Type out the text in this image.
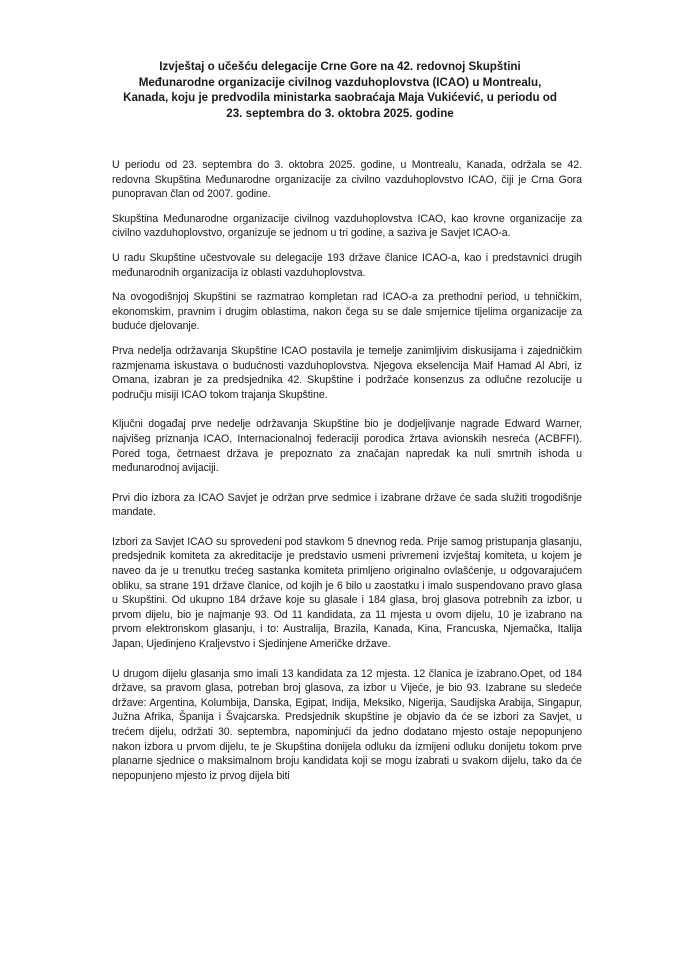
Izvještaj o učešću delegacije Crne Gore na 42. redovnoj Skupštini Međunarodne organizacije civilnog vazduhoplovstva (ICAO) u Montrealu, Kanada, koju je predvodila ministarka saobraćaja Maja Vukićević, u periodu od 23. septembra do 3. oktobra 2025. godine

U periodu od 23. septembra do 3. oktobra 2025. godine, u Montrealu, Kanada, održala se 42. redovna Skupština Međunarodne organizacije za civilno vazduhoplovstvo ICAO, čiji je Crna Gora punopravan član od 2007. godine.

Skupština Međunarodne organizacije civilnog vazduhoplovstva ICAO, kao krovne organizacije za civilno vazduhoplovstvo, organizuje se jednom u tri godine, a saziva je Savjet ICAO-a.

U radu Skupštine učestvovale su delegacije 193 države članice ICAO-a, kao i predstavnici drugih međunarodnih organizacija iz oblasti vazduhoplovstva.

Na ovogodišnjoj Skupštini se razmatrao kompletan rad ICAO-a za prethodni period, u tehničkim, ekonomskim, pravnim i drugim oblastima, nakon čega su se dale smjernice tijelima organizacije za buduće djelovanje.

Prva nedelja održavanja Skupštine ICAO postavila je temelje zanimljivim diskusijama i zajedničkim razmjenama iskustava o budućnosti vazduhoplovstva. Njegova ekselencija Maif Hamad Al Abri, iz Omana, izabran je za predsjednika 42. Skupštine i podržaće konsenzus za odlučne rezolucije u području misiji ICAO tokom trajanja Skupštine.

Ključni događaj prve nedelje održavanja Skupštine bio je dodjeljivanje nagrade Edward Warner, najvišeg priznanja ICAO, Internacionalnoj federaciji porodica žrtava avionskih nesreća (ACBFFI). Pored toga, četrnaest država je prepoznato za značajan napredak ka nuli smrtnih ishoda u međunarodnoj avijaciji.

Prvi dio izbora za ICAO Savjet je održan prve sedmice i izabrane države će sada služiti trogodišnje mandate.

Izbori za Savjet ICAO su sprovedeni pod stavkom 5 dnevnog reda. Prije samog pristupanja glasanju, predsjednik komiteta za akreditacije je predstavio usmeni privremeni izvještaj komiteta, u kojem je naveo da je u trenutku trećeg sastanka komiteta primljeno originalno ovlašćenje, u odgovarajućem obliku, sa strane 191 države članice, od kojih je 6 bilo u zaostatku i imalo suspendovano pravo glasa u Skupštini. Od ukupno 184 države koje su glasale i 184 glasa, broj glasova potrebnih za izbor, u prvom dijelu, bio je najmanje 93. Od 11 kandidata, za 11 mjesta u ovom dijelu, 10 je izabrano na prvom elektronskom glasanju, i to: Australija, Brazila, Kanada, Kina, Francuska, Njemačka, Italija Japan, Ujedinjeno Kraljevstvo i Sjedinjene Američke države.

U drugom dijelu glasanja smo imali 13 kandidata za 12 mjesta. 12 članica je izabrano.Opet, od 184 države, sa pravom glasa, potreban broj glasova, za izbor u Vijeće, je bio 93. Izabrane su sledeće države: Argentina, Kolumbija, Danska, Egipat, Indija, Meksiko, Nigerija, Saudijska Arabija, Singapur, Južna Afrika, Španija i Švajcarska. Predsjednik skupštine je objavio da će se izbori za Savjet, u trećem dijelu, održati 30. septembra, napominjući da jedno dodatano mjesto ostaje nepopunjeno nakon izbora u prvom dijelu, te je Skupština donijela odluku da izmijeni odluku donijetu tokom prve planarne sjednice o maksimalnom broju kandidata koji se mogu izabrati u svakom dijelu, tako da će nepopunjeno mjesto iz prvog dijela biti
